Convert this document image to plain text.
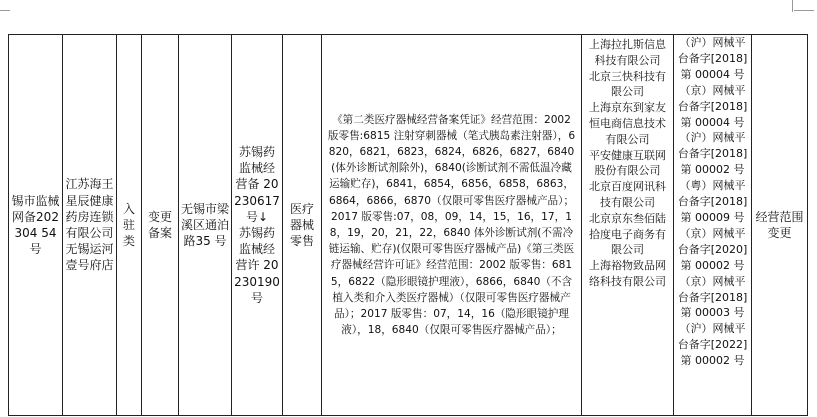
锡市监械网备202304 54 号	江苏海王星辰健康药房连锁有限公司无锡运河壹号府店	入驻类	变更备案	无锡市梁溪区通泊路35 号	苏锡药监械经营备 20230617 号↓
苏锡药监械经营许 20230190 号	医疗器械零售	《第二类医疗器械经营备案凭证》经营范围：2002 版零售:6815 注射穿刺器械（笔式胰岛素注射器），6820，6821，6823，6824，6826，6827，6840(体外诊断试剂除外)，6840(诊断试剂不需低温冷藏运输贮存)，6841，6854，6856，6858，6863，6864，6866，6870（仅限可零售医疗器械产品）；2017 版零售:07，08，09，14，15，16，17，18，19，20，21，22，6840 体外诊断试剂(不需冷链运输、贮存)(仅限可零售医疗器械产品)《第三类医疗器械经营许可证》经营范围：2002 版零售：6815，6822（隐形眼镜护理液），6866，6840（不含植入类和介入类医疗器械）（仅限可零售医疗器械产品）；2017 版零售：07，14，16（隐形眼镜护理液），18，6840（仅限可零售医疗器械产品）；	上海拉扎斯信息科技有限公司
北京三快科技有限公司
上海京东到家友恒电商信息技术有限公司
平安健康互联网股份有限公司　北京百度网讯科技有限公司
北京京东叁佰陆拾度电子商务有限公司
上海裕物致品网络科技有限公司	（沪）网械平台备字[2018]第 00004 号
（京）网械平台备字[2018]第 00004 号
（沪）网械平台备字[2018]第 00002 号
（粤）网械平台备字[2018]第 00009 号
（京）网械平台备字[2020]第 00002 号
（京）网械平台备字[2018]第 00003 号
（沪）网械平台备字[2022]第 00002 号	经营范围变更
